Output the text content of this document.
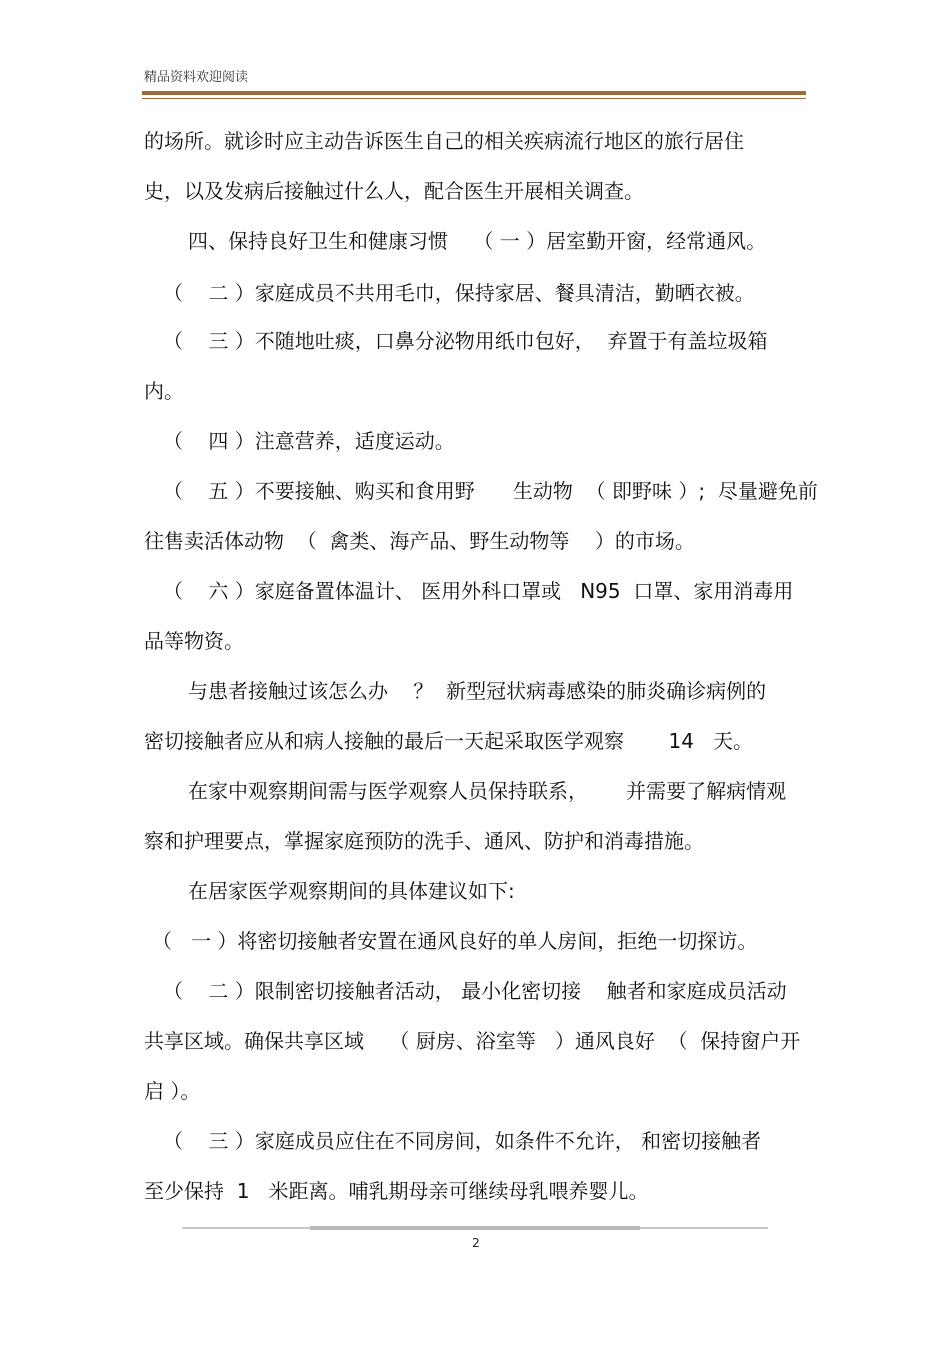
精品资料欢迎阅读
的场所。就诊时应主动告诉医生自己的相关疾病流行地区的旅行居住
史，以及发病后接触过什么人，配合医生开展相关调查。
四、保持良好卫生和健康习惯    （ 一 ）居室勤开窗，经常通风。
（    二 ）家庭成员不共用毛巾，保持家居、餐具清洁，勤晒衣被。
（    三 ）不随地吐痰，口鼻分泌物用纸巾包好，  弃置于有盖垃圾箱
内。
（    四 ）注意营养，适度运动。
（    五 ）不要接触、购买和食用野      生动物  （ 即野味 ）;  尽量避免前
往售卖活体动物  （  禽类、海产品、野生动物等    ）的市场。
（    六 ）家庭备置体温计、 医用外科口罩或   N95  口罩、家用消毒用
品等物资。
与患者接触过该怎么办    ？  新型冠状病毒感染的肺炎确诊病例的
密切接触者应从和病人接触的最后一天起采取医学观察       14   天。
在家中观察期间需与医学观察人员保持联系，      并需要了解病情观
察和护理要点，掌握家庭预防的洗手、通风、防护和消毒措施。
在居家医学观察期间的具体建议如下:
（   一 ）将密切接触者安置在通风良好的单人房间，拒绝一切探访。
（    二 ）限制密切接触者活动， 最小化密切接    触者和家庭成员活动
共享区域。确保共享区域    （ 厨房、浴室等   ）通风良好  （  保持窗户开
启 ）。
（    三 ）家庭成员应住在不同房间，如条件不允许， 和密切接触者
至少保持  1   米距离。哺乳期母亲可继续母乳喂养婴儿。
2
